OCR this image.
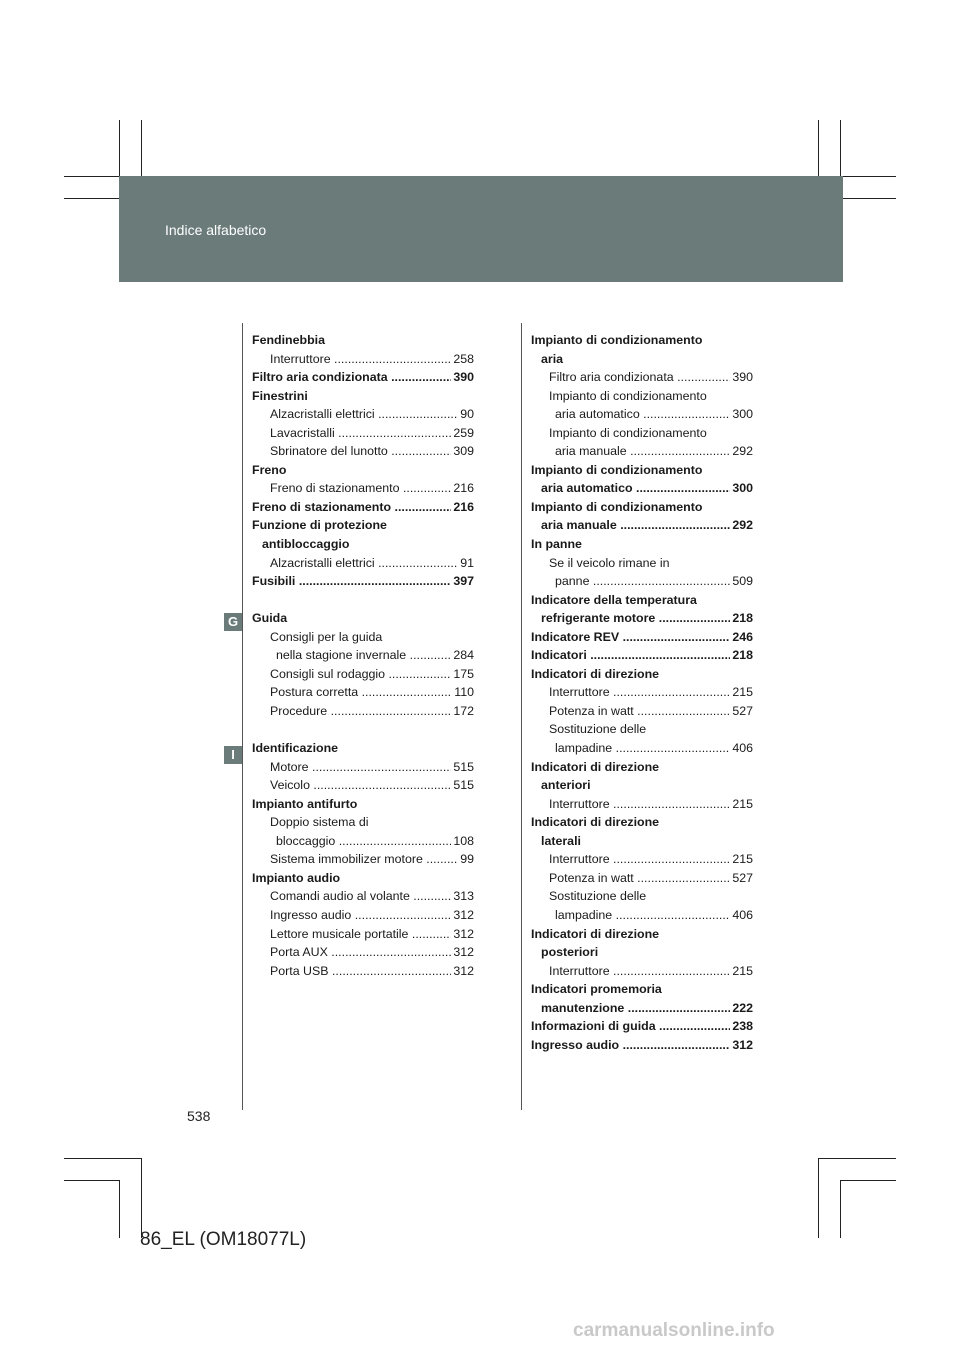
Indice alfabetico
G
I
Fendinebbia
Interruttore .....	258
Filtro aria condizionata .....	390
Finestrini
Alzacristalli elettrici .....	90
Lavacristalli .....	259
Sbrinatore del lunotto .....	309
Freno
Freno di stazionamento .....	216
Freno di stazionamento .....	216
Funzione di protezione
antibloccaggio
Alzacristalli elettrici .....	91
Fusibili .....	397
Guida
Consigli per la guida
nella stagione invernale .....	284
Consigli sul rodaggio .....	175
Postura corretta .....	110
Procedure .....	172
Identificazione
Motore .....	515
Veicolo .....	515
Impianto antifurto
Doppio sistema di
bloccaggio .....	108
Sistema immobilizer motore .....	99
Impianto audio
Comandi audio al volante .....	313
Ingresso audio .....	312
Lettore musicale portatile .....	312
Porta AUX .....	312
Porta USB .....	312
Impianto di condizionamento
aria
Filtro aria condizionata .....	390
Impianto di condizionamento
aria automatico .....	300
Impianto di condizionamento
aria manuale .....	292
Impianto di condizionamento
aria automatico .....	300
Impianto di condizionamento
aria manuale .....	292
In panne
Se il veicolo rimane in
panne .....	509
Indicatore della temperatura
refrigerante motore .....	218
Indicatore REV .....	246
Indicatori .....	218
Indicatori di direzione
Interruttore .....	215
Potenza in watt .....	527
Sostituzione delle
lampadine .....	406
Indicatori di direzione
anteriori
Interruttore .....	215
Indicatori di direzione
laterali
Interruttore .....	215
Potenza in watt .....	527
Sostituzione delle
lampadine .....	406
Indicatori di direzione
posteriori
Interruttore .....	215
Indicatori promemoria
manutenzione .....	222
Informazioni di guida .....	238
Ingresso audio .....	312
538
86_EL (OM18077L)
carmanualsonline.info
